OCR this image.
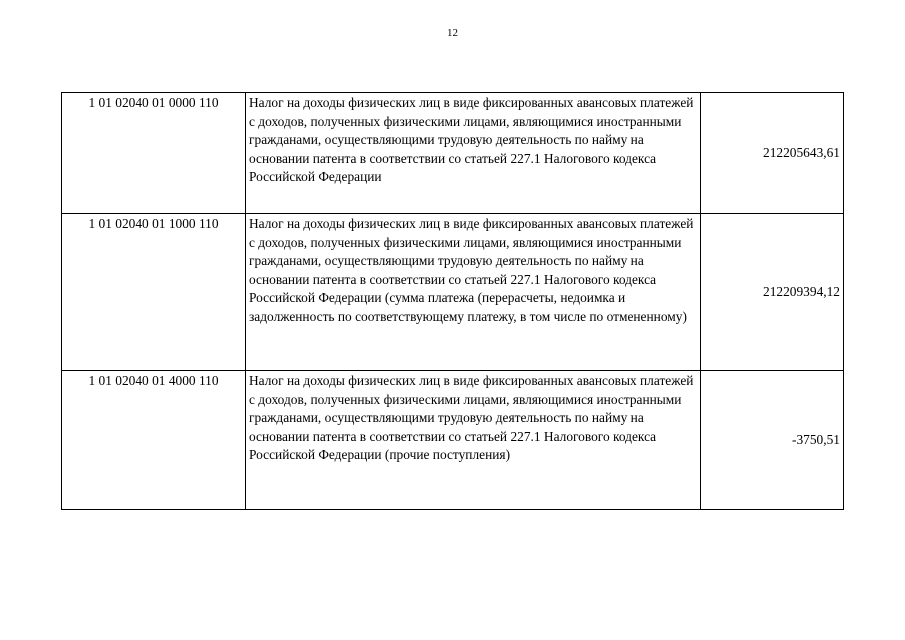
12
1 01 02040 01 0000 110	Налог на доходы физических лиц в виде фиксированных авансовых платежей с доходов, полученных физическими лицами, являющимися иностранными гражданами, осуществляющими трудовую деятельность по найму на основании патента в соответствии со статьей 227.1 Налогового кодекса Российской Федерации	212205643,61
1 01 02040 01 1000 110	Налог на доходы физических лиц в виде фиксированных авансовых платежей с доходов, полученных физическими лицами, являющимися иностранными гражданами, осуществляющими трудовую деятельность по найму на основании патента в соответствии со статьей 227.1 Налогового кодекса Российской Федерации (сумма платежа (перерасчеты, недоимка и задолженность по соответствующему платежу, в том числе по отмененному)	212209394,12
1 01 02040 01 4000 110	Налог на доходы физических лиц в виде фиксированных авансовых платежей с доходов, полученных физическими лицами, являющимися иностранными гражданами, осуществляющими трудовую деятельность по найму на основании патента в соответствии со статьей 227.1 Налогового кодекса Российской Федерации (прочие поступления)	-3750,51
